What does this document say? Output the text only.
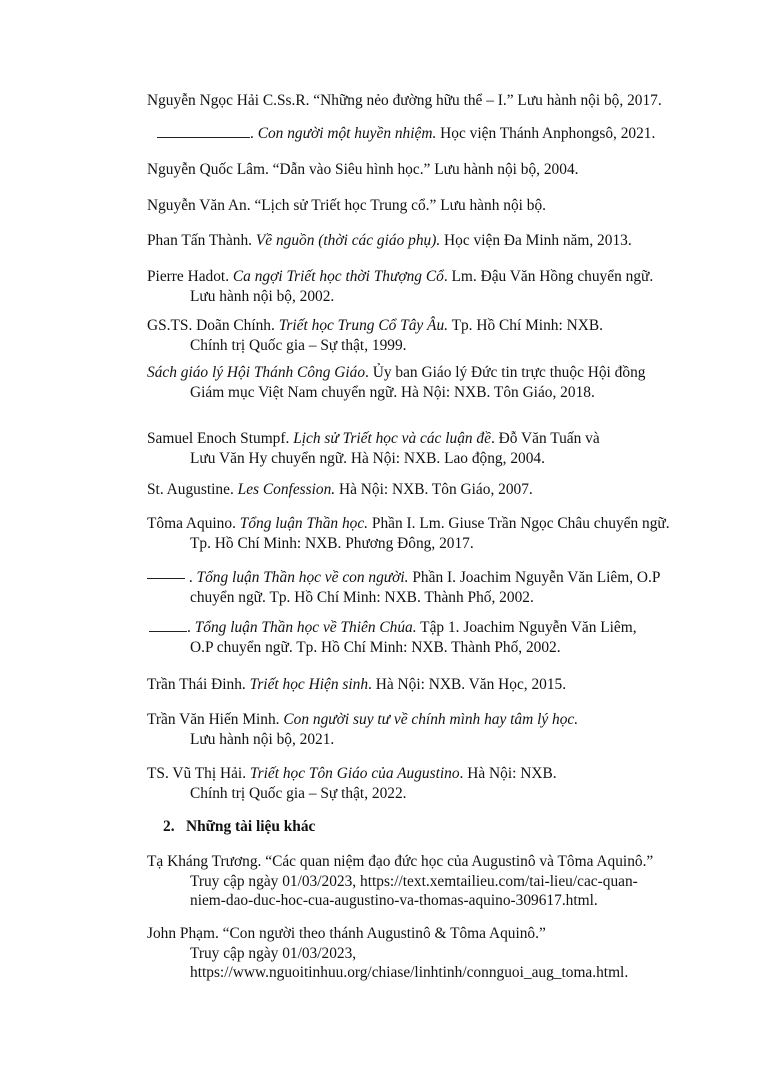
Nguyễn Ngọc Hải C.Ss.R. “Những nẻo đường hữu thể – I.” Lưu hành nội bộ, 2017.
. Con người một huyền nhiệm. Học viện Thánh Anphongsô, 2021.
Nguyễn Quốc Lâm. “Dẫn vào Siêu hình học.” Lưu hành nội bộ, 2004.
Nguyễn Văn An. “Lịch sử Triết học Trung cổ.” Lưu hành nội bộ.
Phan Tấn Thành. Về nguồn (thời các giáo phụ). Học viện Đa Minh năm, 2013.
Pierre Hadot. Ca ngợi Triết học thời Thượng Cổ. Lm. Đậu Văn Hồng chuyển ngữ.
Lưu hành nội bộ, 2002.
GS.TS. Doãn Chính. Triết học Trung Cổ Tây Âu. Tp. Hồ Chí Minh: NXB.
Chính trị Quốc gia – Sự thật, 1999.
Sách giáo lý Hội Thánh Công Giáo. Ủy ban Giáo lý Đức tin trực thuộc Hội đồng
Giám mục Việt Nam chuyển ngữ. Hà Nội: NXB. Tôn Giáo, 2018.
Samuel Enoch Stumpf. Lịch sử Triết học và các luận đề. Đỗ Văn Tuấn và
Lưu Văn Hy chuyển ngữ. Hà Nội: NXB. Lao động, 2004.
St. Augustine. Les Confession. Hà Nội: NXB. Tôn Giáo, 2007.
Tôma Aquino. Tổng luận Thần học. Phần I. Lm. Giuse Trần Ngọc Châu chuyển ngữ.
Tp. Hồ Chí Minh: NXB. Phương Đông, 2017.
. Tổng luận Thần học về con người. Phần I. Joachim Nguyễn Văn Liêm, O.P
chuyển ngữ. Tp. Hồ Chí Minh: NXB. Thành Phố, 2002.
. Tổng luận Thần học về Thiên Chúa. Tập 1. Joachim Nguyễn Văn Liêm,
O.P chuyển ngữ. Tp. Hồ Chí Minh: NXB. Thành Phố, 2002.
Trần Thái Đinh. Triết học Hiện sinh. Hà Nội: NXB. Văn Học, 2015.
Trần Văn Hiến Minh. Con người suy tư về chính mình hay tâm lý học.
Lưu hành nội bộ, 2021.
TS. Vũ Thị Hải. Triết học Tôn Giáo của Augustino. Hà Nội: NXB.
Chính trị Quốc gia – Sự thật, 2022.
2. Những tài liệu khác
Tạ Kháng Trương. “Các quan niệm đạo đức học của Augustinô và Tôma Aquinô.”
Truy cập ngày 01/03/2023, https://text.xemtailieu.com/tai-lieu/cac-quan-
niem-dao-duc-hoc-cua-augustino-va-thomas-aquino-309617.html.
John Phạm. “Con người theo thánh Augustinô & Tôma Aquinô.”
Truy cập ngày 01/03/2023,
https://www.nguoitinhuu.org/chiase/linhtinh/connguoi_aug_toma.html.
